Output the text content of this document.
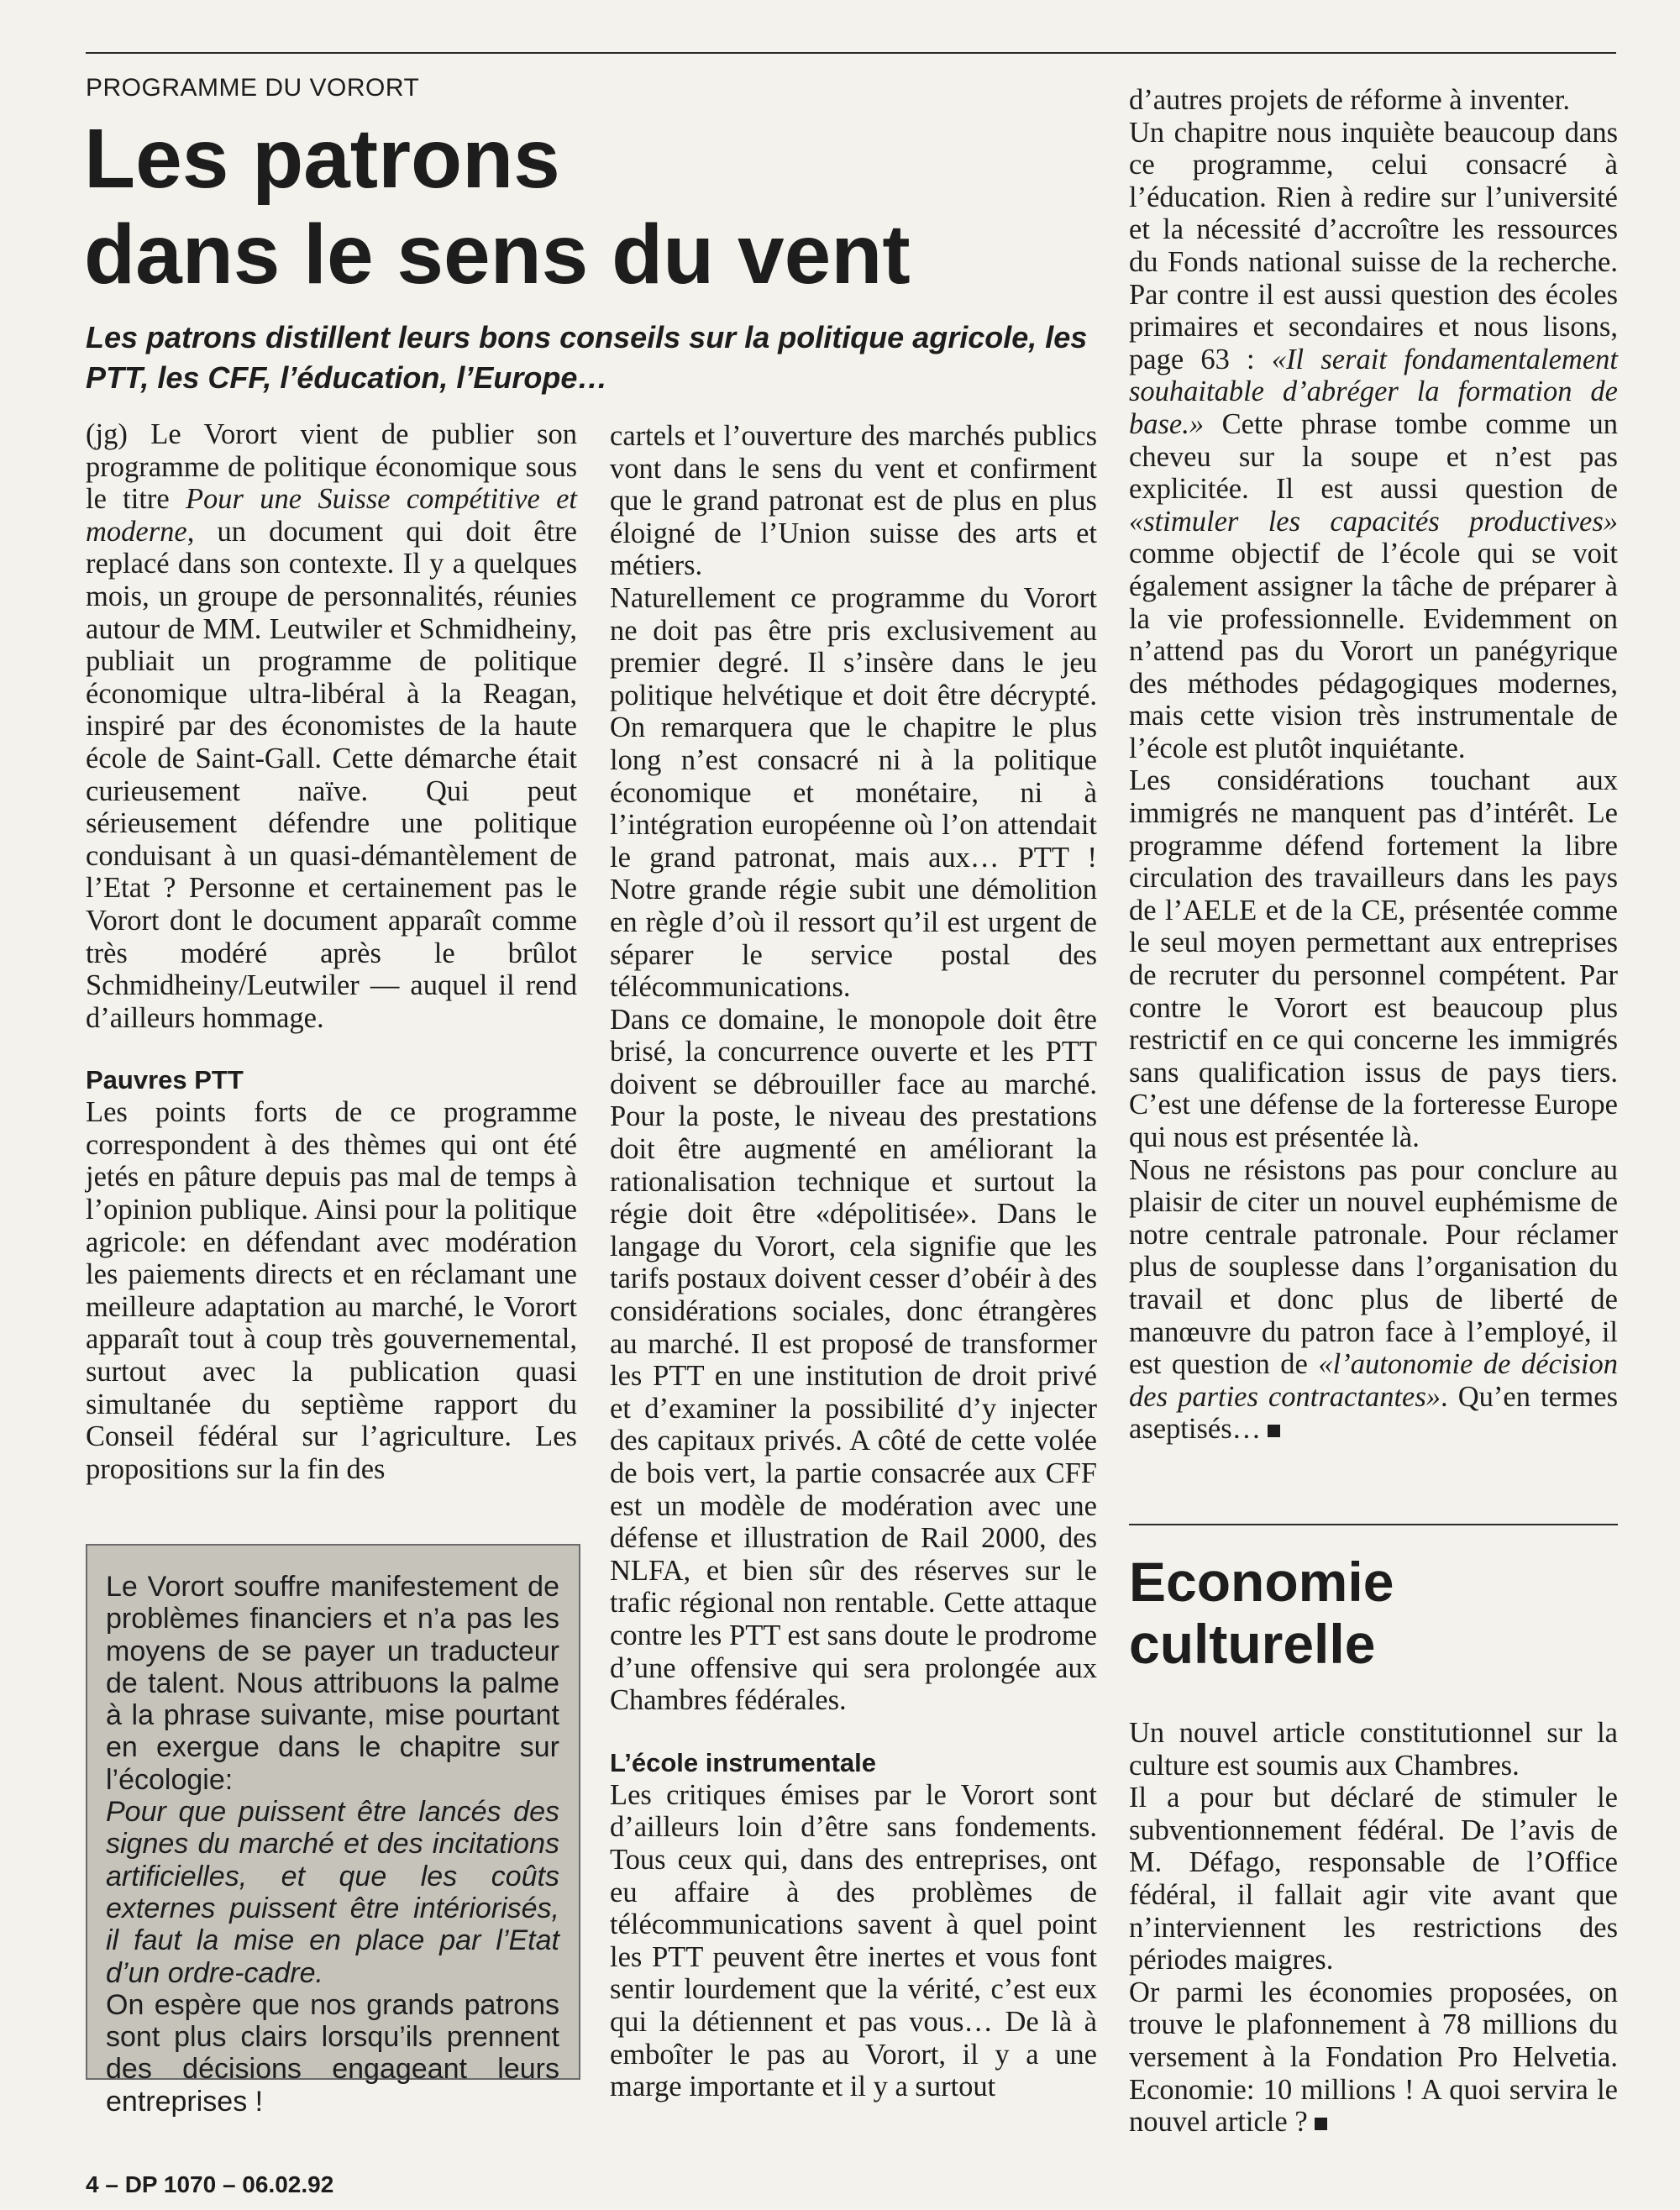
PROGRAMME DU VORORT
Les patrons
dans le sens du vent
Les patrons distillent leurs bons conseils sur la politique agricole, les PTT, les CFF, l’éducation, l’Europe…

(jg) Le Vorort vient de publier son programme de politique économique sous le titre Pour une Suisse compétitive et moderne, un document qui doit être replacé dans son contexte. Il y a quelques mois, un groupe de personnalités, réunies autour de MM. Leutwiler et Schmidheiny, publiait un programme de politique économique ultra-libéral à la Reagan, inspiré par des économistes de la haute école de Saint-Gall. Cette démarche était curieusement naïve. Qui peut sérieusement défendre une politique conduisant à un quasi-démantèlement de l’Etat ? Personne et certainement pas le Vorort dont le document apparaît comme très modéré après le brûlot Schmidheiny/Leutwiler — auquel il rend d’ailleurs hommage.

Pauvres PTT

Les points forts de ce programme correspondent à des thèmes qui ont été jetés en pâture depuis pas mal de temps à l’opinion publique. Ainsi pour la politique agricole: en défendant avec modération les paiements directs et en réclamant une meilleure adaptation au marché, le Vorort apparaît tout à coup très gouvernemental, surtout avec la publication quasi simultanée du septième rapport du Conseil fédéral sur l’agriculture. Les propositions sur la fin des

Le Vorort souffre manifestement de problèmes financiers et n’a pas les moyens de se payer un traducteur de talent. Nous attribuons la palme à la phrase suivante, mise pourtant en exergue dans le chapitre sur l’écologie:

Pour que puissent être lancés des signes du marché et des incitations artificielles, et que les coûts externes puissent être intériorisés, il faut la mise en place par l’Etat d’un ordre-cadre.

On espère que nos grands patrons sont plus clairs lorsqu’ils prennent des décisions engageant leurs entreprises !

cartels et l’ouverture des marchés publics vont dans le sens du vent et confirment que le grand patronat est de plus en plus éloigné de l’Union suisse des arts et métiers.

Naturellement ce programme du Vorort ne doit pas être pris exclusivement au premier degré. Il s’insère dans le jeu politique helvétique et doit être décrypté. On remarquera que le chapitre le plus long n’est consacré ni à la politique économique et monétaire, ni à l’intégration européenne où l’on attendait le grand patronat, mais aux… PTT ! Notre grande régie subit une démolition en règle d’où il ressort qu’il est urgent de séparer le service postal des télécommunications.

Dans ce domaine, le monopole doit être brisé, la concurrence ouverte et les PTT doivent se débrouiller face au marché. Pour la poste, le niveau des prestations doit être augmenté en améliorant la rationalisation technique et surtout la régie doit être «dépolitisée». Dans le langage du Vorort, cela signifie que les tarifs postaux doivent cesser d’obéir à des considérations sociales, donc étrangères au marché. Il est proposé de transformer les PTT en une institution de droit privé et d’examiner la possibilité d’y injecter des capitaux privés. A côté de cette volée de bois vert, la partie consacrée aux CFF est un modèle de modération avec une défense et illustration de Rail 2000, des NLFA, et bien sûr des réserves sur le trafic régional non rentable. Cette attaque contre les PTT est sans doute le prodrome d’une offensive qui sera prolongée aux Chambres fédérales.

L’école instrumentale

Les critiques émises par le Vorort sont d’ailleurs loin d’être sans fondements. Tous ceux qui, dans des entreprises, ont eu affaire à des problèmes de télécommunications savent à quel point les PTT peuvent être inertes et vous font sentir lourdement que la vérité, c’est eux qui la détiennent et pas vous… De là à emboîter le pas au Vorort, il y a une marge importante et il y a surtout

d’autres projets de réforme à inventer.

Un chapitre nous inquiète beaucoup dans ce programme, celui consacré à l’éducation. Rien à redire sur l’université et la nécessité d’accroître les ressources du Fonds national suisse de la recherche. Par contre il est aussi question des écoles primaires et secondaires et nous lisons, page 63 : «Il serait fondamentalement souhaitable d’abréger la formation de base.» Cette phrase tombe comme un cheveu sur la soupe et n’est pas explicitée. Il est aussi question de «stimuler les capacités productives» comme objectif de l’école qui se voit également assigner la tâche de préparer à la vie professionnelle. Evidemment on n’attend pas du Vorort un panégyrique des méthodes pédagogiques modernes, mais cette vision très instrumentale de l’école est plutôt inquiétante.

Les considérations touchant aux immigrés ne manquent pas d’intérêt. Le programme défend fortement la libre circulation des travailleurs dans les pays de l’AELE et de la CE, présentée comme le seul moyen permettant aux entreprises de recruter du personnel compétent. Par contre le Vorort est beaucoup plus restrictif en ce qui concerne les immigrés sans qualification issus de pays tiers. C’est une défense de la forteresse Europe qui nous est présentée là.

Nous ne résistons pas pour conclure au plaisir de citer un nouvel euphémisme de notre centrale patronale. Pour réclamer plus de souplesse dans l’organisation du travail et donc plus de liberté de manœuvre du patron face à l’employé, il est question de «l’autonomie de décision des parties contractantes». Qu’en termes aseptisés…

Economie
culturelle

Un nouvel article constitutionnel sur la culture est soumis aux Chambres.

Il a pour but déclaré de stimuler le subventionnement fédéral. De l’avis de M. Défago, responsable de l’Office fédéral, il fallait agir vite avant que n’interviennent les restrictions des périodes maigres.

Or parmi les économies proposées, on trouve le plafonnement à 78 millions du versement à la Fondation Pro Helvetia. Economie: 10 millions ! A quoi servira le nouvel article ?

4 – DP 1070 – 06.02.92
